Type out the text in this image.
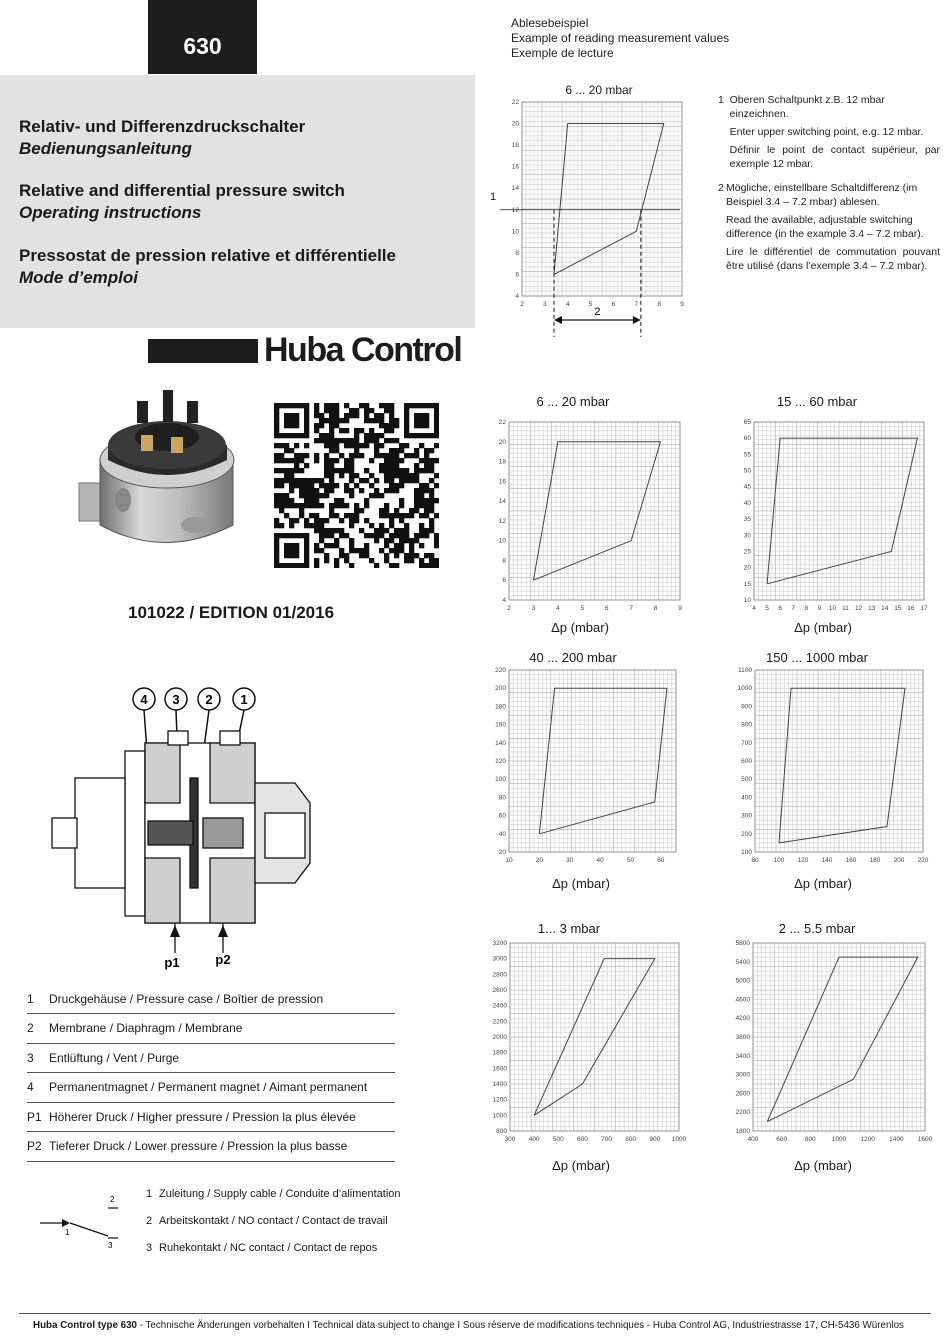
630
Relativ- und Differenzdruckschalter
Bedienungsanleitung
Relative and differential pressure switch
Operating instructions
Pressostat de pression relative et différentielle
Mode d’emploi
Ablesebeispiel
Example of reading measurement values
Exemple de lecture
6 ... 20 mbar
2	3	4	5	6	7	8	9
4
6
8
10
12
14
16
18
20
22
2
1
1 Oberen Schaltpunkt z.B. 12 mbar einzeichnen.
Enter upper switching point, e.g. 12 mbar.
Définir le point de contact supérieur, par exemple 12 mbar.
2 Mögliche, einstellbare Schaltdifferenz (im Beispiel 3.4 – 7.2 mbar) ablesen.
Read the available, adjustable switching difference (in the example 3.4 – 7.2 mbar).
Lire le différentiel de commutation pouvant être utilisé (dans l’exemple 3.4 – 7.2 mbar).
Huba Control
101022 / EDITION 01/2016
4 3 2 1
p1	p2
1	Druckgehäuse / Pressure case / Boîtier de pression
2	Membrane / Diaphragm / Membrane
3	Entlüftung / Vent / Purge
4	Permanentmagnet / Permanent magnet / Aimant permanent
P1 Höherer Druck / Higher pressure / Pression la plus élevée
P2 Tieferer Druck / Lower pressure / Pression la plus basse
2
1
3
1 Zuleitung / Supply cable / Conduite d’alimentation
2 Arbeitskontakt / NO contact / Contact de travail
3 Ruhekontakt / NC contact / Contact de repos
6 ... 20 mbar
Δp (mbar)
15 ... 60 mbar
Δp (mbar)
40 ... 200 mbar
Δp (mbar)
150 ... 1000 mbar
Δp (mbar)
1... 3 mbar
Δp (mbar)
2 ... 5.5 mbar
Δp (mbar)
2	3	4	5	6	7	8	9
4
6
8
10
12
14
16
18
20
22
4 5 6 7 8 9 10 11 12 13 14 15 16 17
10
15
20
25
30
35
40
45
50
55
60
65
10	20	30	40	50	60
20
40
60
80
100
120
140
160
180
200
220
80 100 120 140 160 180 200 220
100
200
300
400
500
600
700
800
900
1000
1100
300 400 500 600 700 800 900 1000
800
1000
1200
1400
1600
1800
2000
2200
2400
2600
2800
3000
3200
400	600	800 1000 1200 1400 1600
1800
2200
2600
3000
3400
3800
4200
4600
5000
5400
5800
Huba Control type 630 - Technische Änderungen vorbehalten I Technical data subject to change I Sous réserve de modifications techniques - Huba Control AG, Industriestrasse 17, CH-5436 Würenlos
